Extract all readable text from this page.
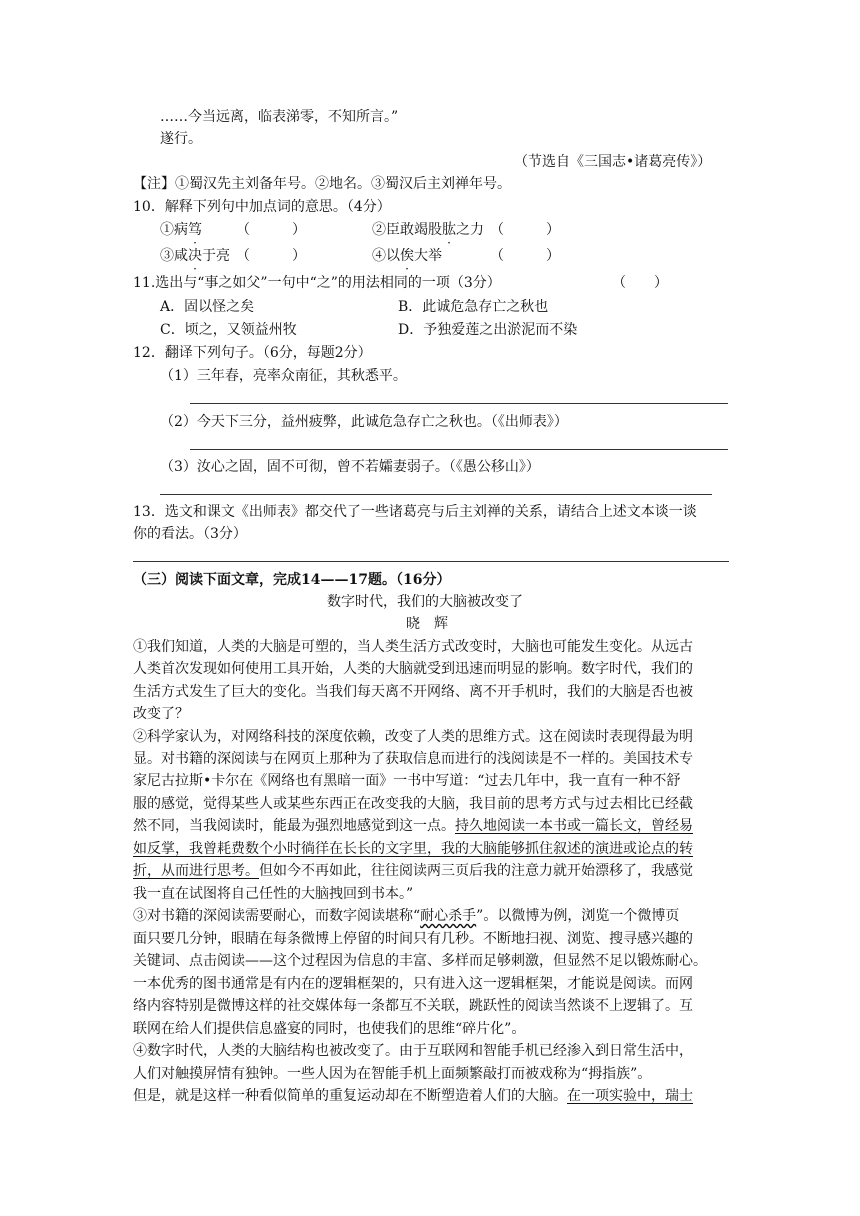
……今当远离，临表涕零，不知所言。”
遂行。
（节选自《三国志•诸葛亮传》）
【注】①蜀汉先主刘备年号。②地名。③蜀汉后主刘禅年号。
10．解释下列句中加点词的意思。（4分）
①病笃 （　　　）	②臣敢竭股肱之力 （　　　）
③咸决于亮 （　　　）	④以俟大举	（　　　）
11.选出与“事之如父”一句中“之”的用法相同的一项（3分）	（　　）
A．固以怪之矣	B．此诚危急存亡之秋也
C．顷之，又领益州牧	D．予独爱莲之出淤泥而不染
12．翻译下列句子。（6分，每题2分）
（1）三年春，亮率众南征，其秋悉平。
（2）今天下三分，益州疲弊，此诚危急存亡之秋也。（《出师表》）
（3）汝心之固，固不可彻，曾不若孀妻弱子。（《愚公移山》）
13．选文和课文《出师表》都交代了一些诸葛亮与后主刘禅的关系，请结合上述文本谈一谈
你的看法。（3分）
（三）阅读下面文章，完成14——17题。（16分）
数字时代，我们的大脑被改变了
晓　辉
①我们知道，人类的大脑是可塑的，当人类生活方式改变时，大脑也可能发生变化。从远古
人类首次发现如何使用工具开始，人类的大脑就受到迅速而明显的影响。数字时代，我们的
生活方式发生了巨大的变化。当我们每天离不开网络、离不开手机时，我们的大脑是否也被
改变了？
②科学家认为，对网络科技的深度依赖，改变了人类的思维方式。这在阅读时表现得最为明
显。对书籍的深阅读与在网页上那种为了获取信息而进行的浅阅读是不一样的。美国技术专
家尼古拉斯•卡尔在《网络也有黑暗一面》一书中写道：“过去几年中，我一直有一种不舒
服的感觉，觉得某些人或某些东西正在改变我的大脑，我目前的思考方式与过去相比已经截
然不同，当我阅读时，能最为强烈地感觉到这一点。持久地阅读一本书或一篇长文，曾经易
如反掌，我曾耗费数个小时徜徉在长长的文字里，我的大脑能够抓住叙述的演进或论点的转
折，从而进行思考。但如今不再如此，往往阅读两三页后我的注意力就开始漂移了，我感觉
我一直在试图将自己任性的大脑拽回到书本。”
③对书籍的深阅读需要耐心，而数字阅读堪称“耐心杀手”。以微博为例，浏览一个微博页
面只要几分钟，眼睛在每条微博上停留的时间只有几秒。不断地扫视、浏览、搜寻感兴趣的
关键词、点击阅读——这个过程因为信息的丰富、多样而足够刺激，但显然不足以锻炼耐心。
一本优秀的图书通常是有内在的逻辑框架的，只有进入这一逻辑框架，才能说是阅读。而网
络内容特别是微博这样的社交媒体每一条都互不关联，跳跃性的阅读当然谈不上逻辑了。互
联网在给人们提供信息盛宴的同时，也使我们的思维“碎片化”。
④数字时代，人类的大脑结构也被改变了。由于互联网和智能手机已经渗入到日常生活中，
人们对触摸屏情有独钟。一些人因为在智能手机上面频繁敲打而被戏称为“拇指族”。
但是，就是这样一种看似简单的重复运动却在不断塑造着人们的大脑。在一项实验中，瑞士
